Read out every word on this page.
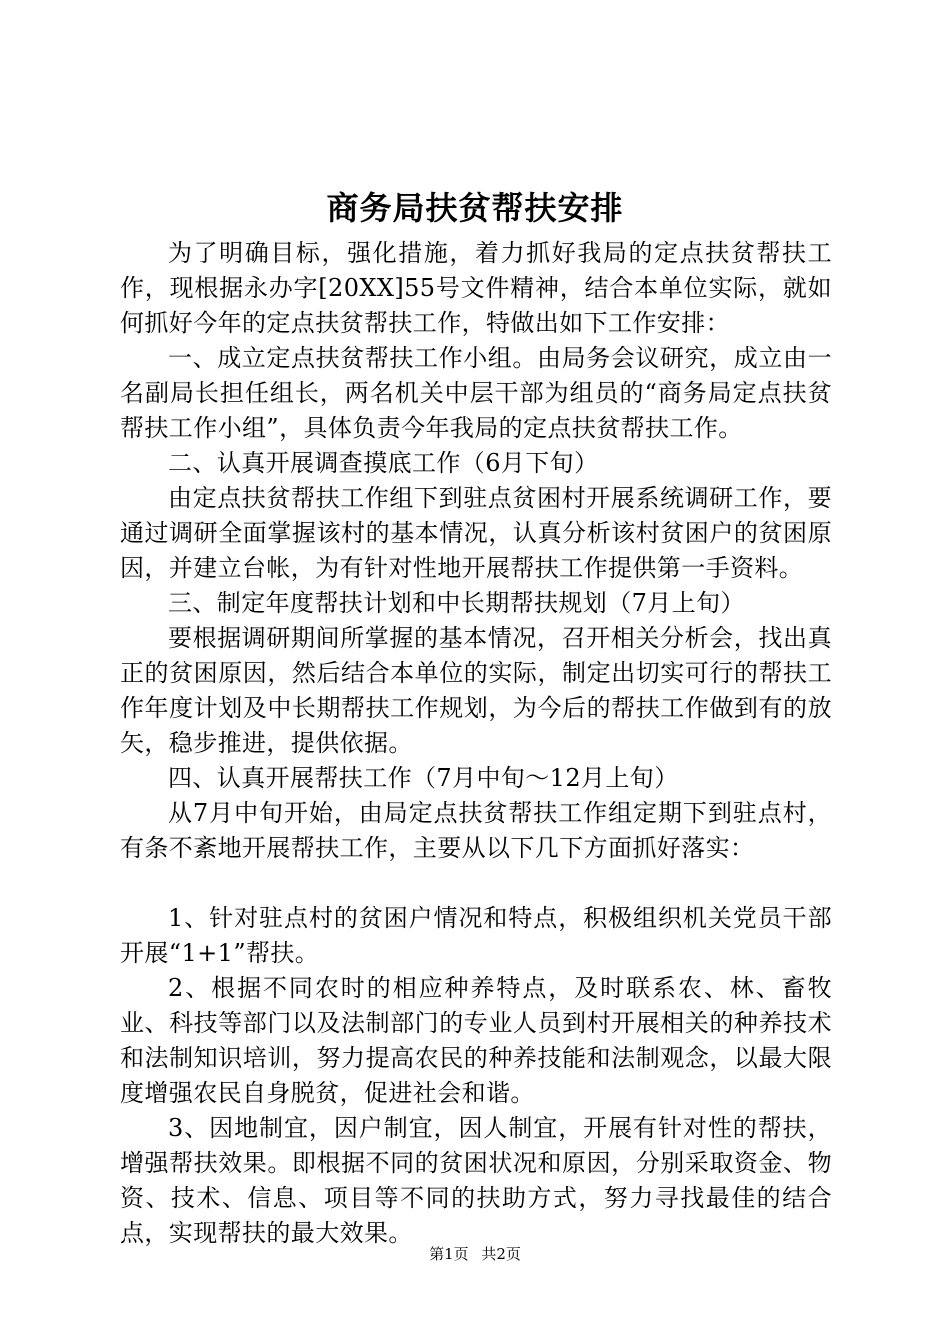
商务局扶贫帮扶安排

为了明确目标，强化措施，着力抓好我局的定点扶贫帮扶工作，现根据永办字[20XX]55号文件精神，结合本单位实际，就如何抓好今年的定点扶贫帮扶工作，特做出如下工作安排：

一、成立定点扶贫帮扶工作小组。由局务会议研究，成立由一名副局长担任组长，两名机关中层干部为组员的“商务局定点扶贫帮扶工作小组”，具体负责今年我局的定点扶贫帮扶工作。

二、认真开展调查摸底工作（6月下旬）

由定点扶贫帮扶工作组下到驻点贫困村开展系统调研工作，要通过调研全面掌握该村的基本情况，认真分析该村贫困户的贫困原因，并建立台帐，为有针对性地开展帮扶工作提供第一手资料。

三、制定年度帮扶计划和中长期帮扶规划（7月上旬）

要根据调研期间所掌握的基本情况，召开相关分析会，找出真正的贫困原因，然后结合本单位的实际，制定出切实可行的帮扶工作年度计划及中长期帮扶工作规划，为今后的帮扶工作做到有的放矢，稳步推进，提供依据。

四、认真开展帮扶工作（7月中旬～12月上旬）

从7月中旬开始，由局定点扶贫帮扶工作组定期下到驻点村，有条不紊地开展帮扶工作，主要从以下几下方面抓好落实：

1、针对驻点村的贫困户情况和特点，积极组织机关党员干部开展“1+1”帮扶。

2、根据不同农时的相应种养特点，及时联系农、林、畜牧业、科技等部门以及法制部门的专业人员到村开展相关的种养技术和法制知识培训，努力提高农民的种养技能和法制观念，以最大限度增强农民自身脱贫，促进社会和谐。

3、因地制宜，因户制宜，因人制宜，开展有针对性的帮扶，增强帮扶效果。即根据不同的贫困状况和原因，分别采取资金、物资、技术、信息、项目等不同的扶助方式，努力寻找最佳的结合点，实现帮扶的最大效果。

第1页 共2页
